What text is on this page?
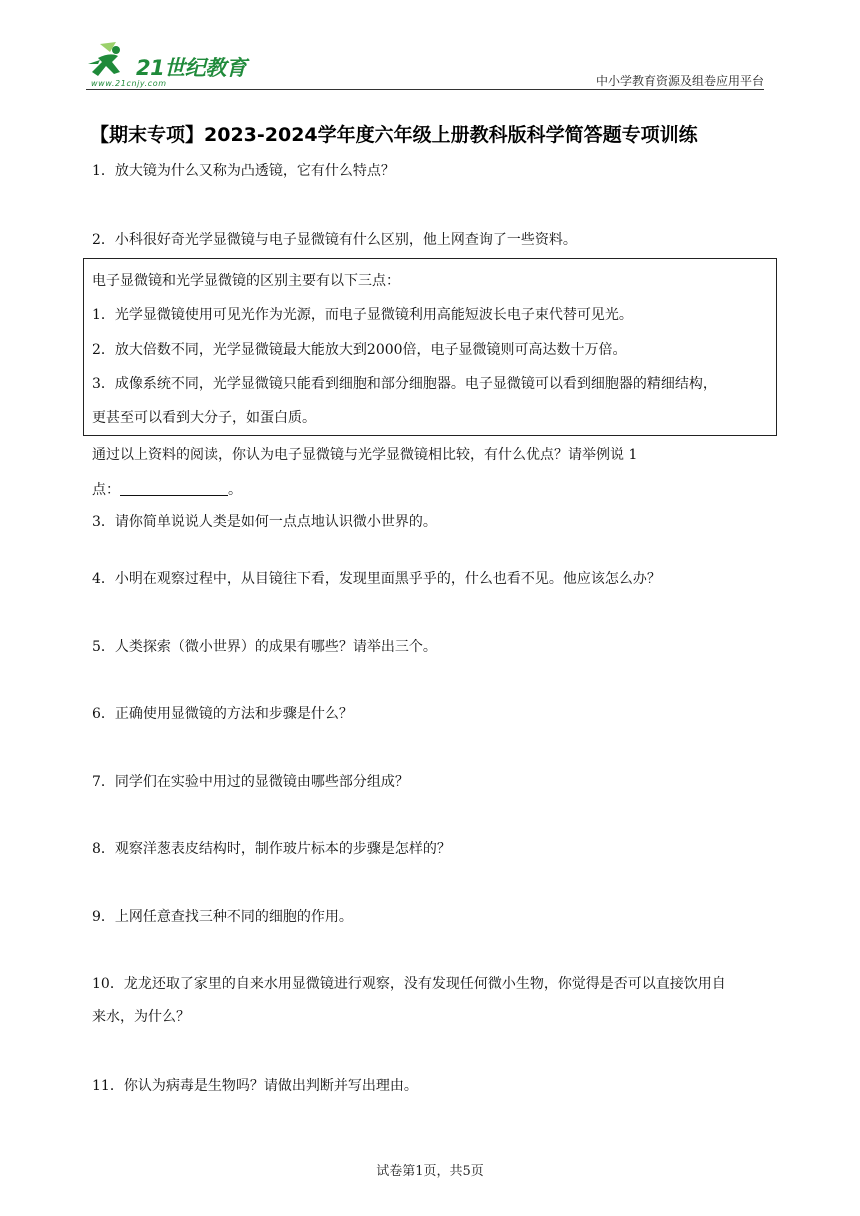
21世纪教育
www.21cnjy.com	中小学教育资源及组卷应用平台
【期末专项】2023-2024学年度六年级上册教科版科学简答题专项训练
1．放大镜为什么又称为凸透镜，它有什么特点？
2．小科很好奇光学显微镜与电子显微镜有什么区别，他上网查询了一些资料。
电子显微镜和光学显微镜的区别主要有以下三点：
1．光学显微镜使用可见光作为光源，而电子显微镜利用高能短波长电子束代替可见光。
2．放大倍数不同，光学显微镜最大能放大到2000倍，电子显微镜则可高达数十万倍。
3．成像系统不同，光学显微镜只能看到细胞和部分细胞器。电子显微镜可以看到细胞器的精细结构，
更甚至可以看到大分子，如蛋白质。
通过以上资料的阅读，你认为电子显微镜与光学显微镜相比较，有什么优点？请举例说 1
点：	。
3．请你简单说说人类是如何一点点地认识微小世界的。
4．小明在观察过程中，从目镜往下看，发现里面黑乎乎的，什么也看不见。他应该怎么办？
5．人类探索（微小世界）的成果有哪些？请举出三个。
6．正确使用显微镜的方法和步骤是什么？
7．同学们在实验中用过的显微镜由哪些部分组成？
8．观察洋葱表皮结构时，制作玻片标本的步骤是怎样的？
9．上网任意查找三种不同的细胞的作用。
10．龙龙还取了家里的自来水用显微镜进行观察，没有发现任何微小生物，你觉得是否可以直接饮用自
来水，为什么？
11．你认为病毒是生物吗？请做出判断并写出理由。
试卷第1页，共5页
